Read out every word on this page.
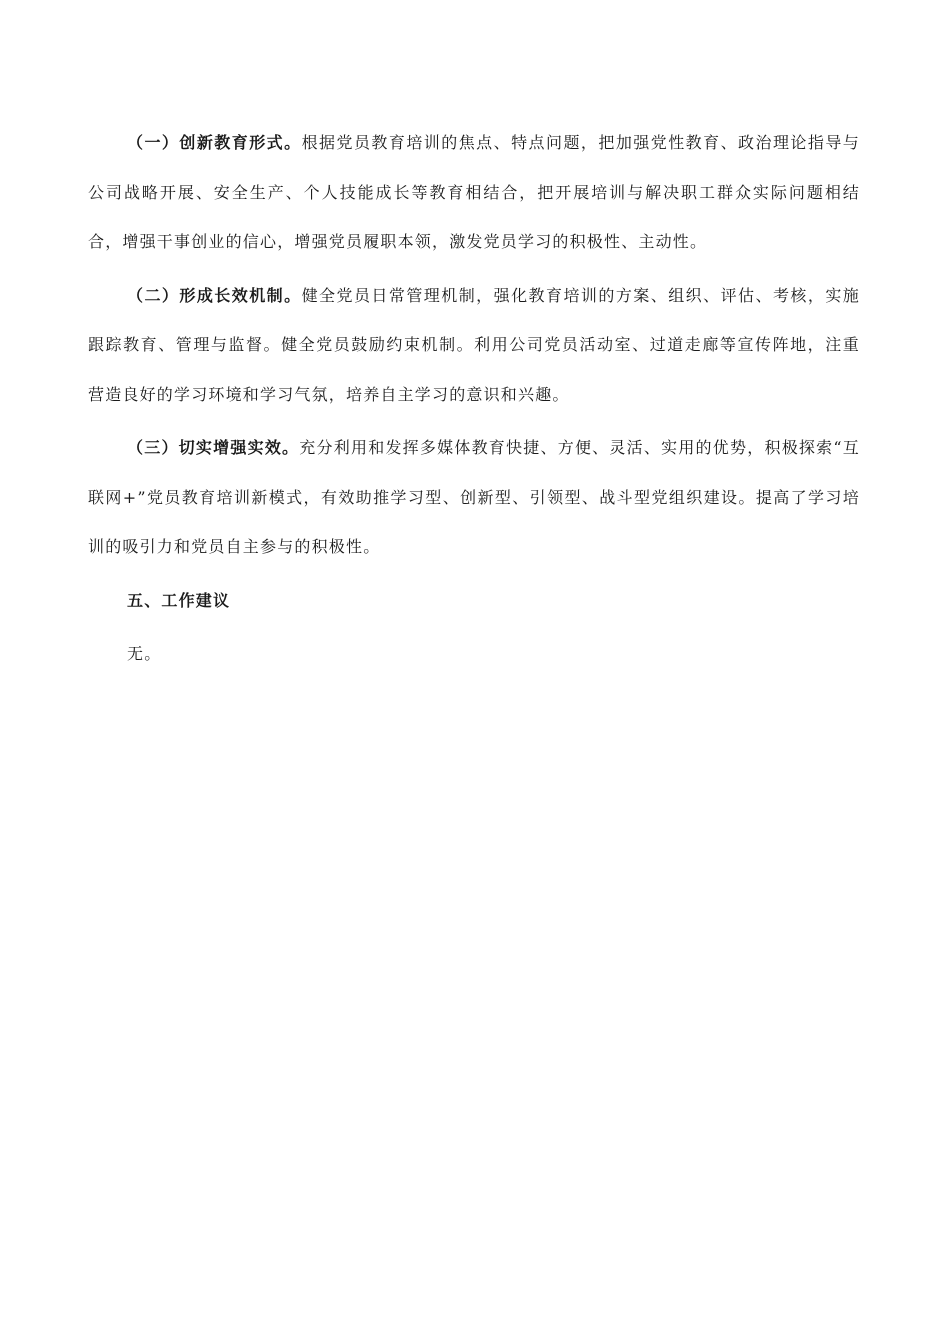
（一）创新教育形式。根据党员教育培训的焦点、特点问题，把加强党性教育、政治理论指导与公司战略开展、安全生产、个人技能成长等教育相结合，把开展培训与解决职工群众实际问题相结合，增强干事创业的信心，增强党员履职本领，激发党员学习的积极性、主动性。

（二）形成长效机制。健全党员日常管理机制，强化教育培训的方案、组织、评估、考核，实施跟踪教育、管理与监督。健全党员鼓励约束机制。利用公司党员活动室、过道走廊等宣传阵地，注重营造良好的学习环境和学习气氛，培养自主学习的意识和兴趣。

（三）切实增强实效。充分利用和发挥多媒体教育快捷、方便、灵活、实用的优势，积极探索“互联网+”党员教育培训新模式，有效助推学习型、创新型、引领型、战斗型党组织建设。提高了学习培训的吸引力和党员自主参与的积极性。

五、工作建议

无。
